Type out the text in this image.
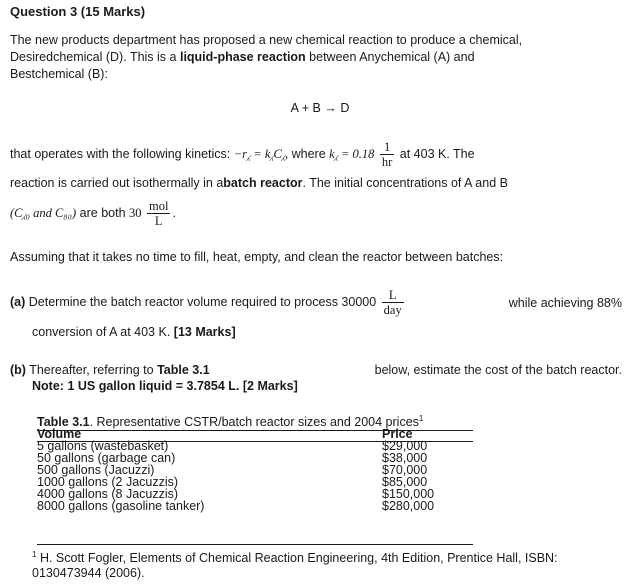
Question 3 (15 Marks)
The new products department has proposed a new chemical reaction to produce a chemical,
Desiredchemical (D). This is a liquid-phase reaction between Anychemical (A) and
Bestchemical (B):
A + B → D
that operates with the following kinetics: −r⁁ = k⁁C⁁, where k⁁ = $0.18 \frac{1}{hr}$ at 403 K. The
reaction is carried out isothermally in abatch reactor. The initial concentrations of A and B
(C⁁₀ and C₈₀) are both $30 \frac{\text{mol}}{L}$ .
Assuming that it takes no time to fill, heat, empty, and clean the reactor between batches:
(a) Determine the batch reactor volume required to process $30000 \frac{L}{\text{day}}$	while achieving 88%
conversion of A at 403 K. [13 Marks]
(b) Thereafter, referring to Table 3.1	below, estimate the cost of the batch reactor.
Note: 1 US gallon liquid = 3.7854 L. [2 Marks]
Table 3.1. Representative CSTR/batch reactor sizes and 2004 prices$^1$
Volume	Price
5 gallons (wastebasket)	$29,000
50 gallons (garbage can)	$38,000
500 gallons (Jacuzzi)	$70,000
1000 gallons (2 Jacuzzis)	$85,000
4000 gallons (8 Jacuzzis)	$150,000
8000 gallons (gasoline tanker)	$280,000
$^1$ H. Scott Fogler, Elements of Chemical Reaction Engineering, 4th Edition, Prentice Hall, ISBN:
0130473944 (2006).
